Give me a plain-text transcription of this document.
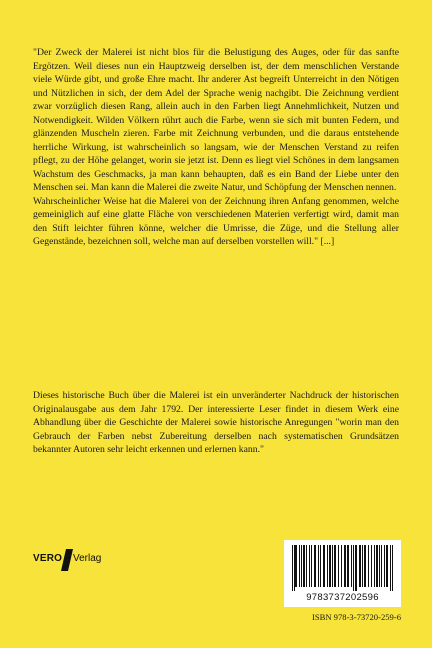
"Der Zweck der Malerei ist nicht blos für die Belustigung des Auges, oder für das sanfte Ergötzen. Weil dieses nun ein Hauptzweig derselben ist, der dem menschlichen Verstande viele Würde gibt, und große Ehre macht. Ihr anderer Ast begreift Unterreicht in den Nötigen und Nützlichen in sich, der dem Adel der Sprache wenig nachgibt. Die Zeichnung verdient zwar vorzüglich diesen Rang, allein auch in den Farben liegt Annehmlichkeit, Nutzen und Notwendigkeit. Wilden Völkern rührt auch die Farbe, wenn sie sich mit bunten Federn, und glänzenden Muscheln zieren. Farbe mit Zeichnung verbunden, und die daraus entstehende herrliche Wirkung, ist wahrscheinlich so langsam, wie der Menschen Verstand zu reifen pflegt, zu der Höhe gelanget, worin sie jetzt ist. Denn es liegt viel Schönes in dem langsamen Wachstum des Geschmacks, ja man kann behaupten, daß es ein Band der Liebe unter den Menschen sei. Man kann die Malerei die zweite Natur, und Schöpfung der Menschen nennen.

Wahrscheinlicher Weise hat die Malerei von der Zeichnung ihren Anfang genommen, welche gemeiniglich auf eine glatte Fläche von verschiedenen Materien verfertigt wird, damit man den Stift leichter führen könne, welcher die Umrisse, die Züge, und die Stellung aller Gegenstände, bezeichnen soll, welche man auf derselben vorstellen will." [...]

Dieses historische Buch über die Malerei ist ein unveränderter Nachdruck der historischen Originalausgabe aus dem Jahr 1792. Der interessierte Leser findet in diesem Werk eine Abhandlung über die Geschichte der Malerei sowie historische Anregungen "worin man den Gebrauch der Farben nebst Zubereitung derselben nach systematischen Grundsätzen bekannter Autoren sehr leicht erkennen und erlernen kann."

VERO Verlag
9783737202596
ISBN 978-3-73720-259-6
